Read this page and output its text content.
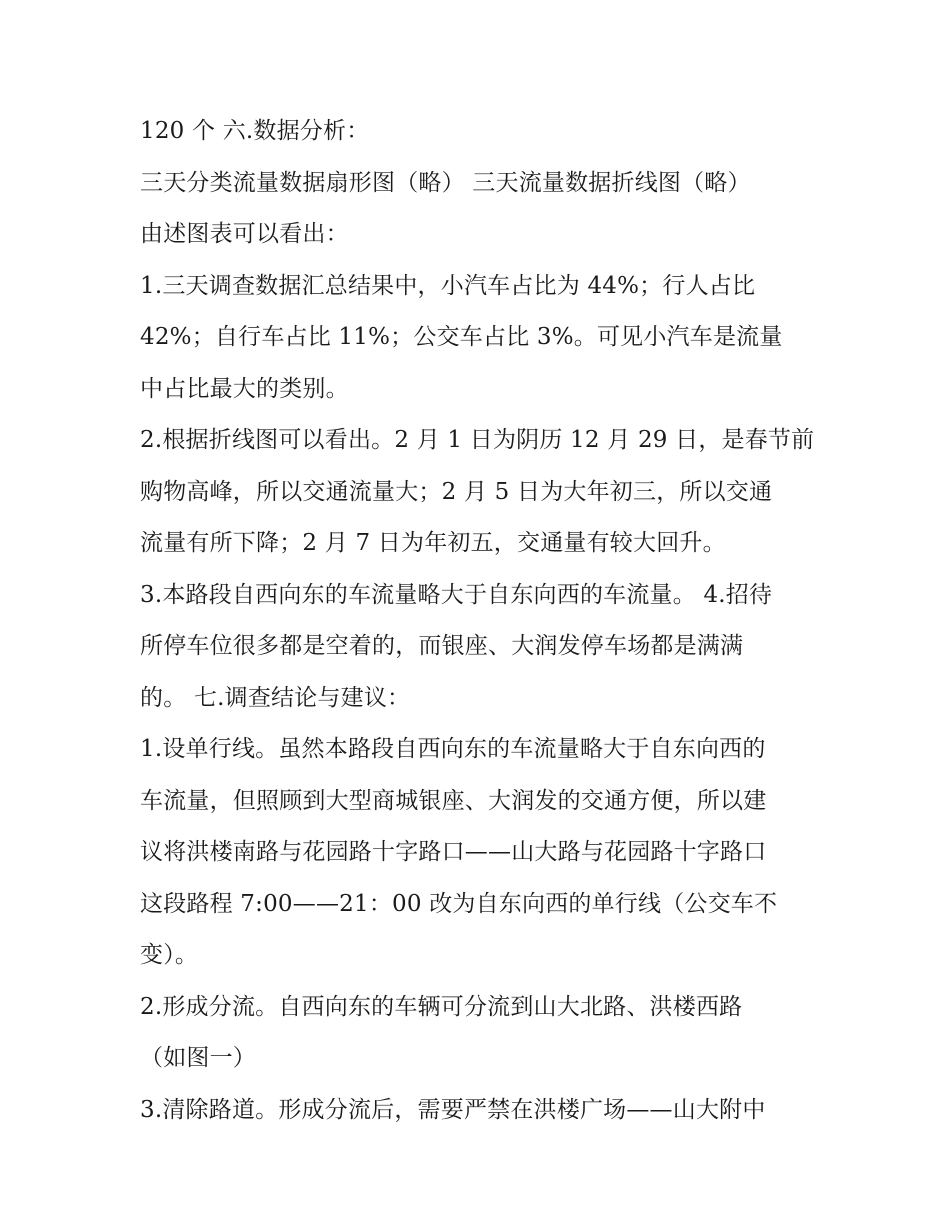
120 个 六.数据分析：
三天分类流量数据扇形图（略） 三天流量数据折线图（略）
由述图表可以看出：
1.三天调查数据汇总结果中，小汽车占比为 44%；行人占比
42%；自行车占比 11%；公交车占比 3%。可见小汽车是流量
中占比最大的类别。
2.根据折线图可以看出。2 月 1 日为阴历 12 月 29 日，是春节前
购物高峰，所以交通流量大；2 月 5 日为大年初三，所以交通
流量有所下降；2 月 7 日为年初五，交通量有较大回升。
3.本路段自西向东的车流量略大于自东向西的车流量。 4.招待
所停车位很多都是空着的，而银座、大润发停车场都是满满
的。 七.调查结论与建议：
1.设单行线。虽然本路段自西向东的车流量略大于自东向西的
车流量，但照顾到大型商城银座、大润发的交通方便，所以建
议将洪楼南路与花园路十字路口——山大路与花园路十字路口
这段路程 7:00——21：00 改为自东向西的单行线（公交车不
变）。
2.形成分流。自西向东的车辆可分流到山大北路、洪楼西路
（如图一）
3.清除路道。形成分流后，需要严禁在洪楼广场——山大附中
